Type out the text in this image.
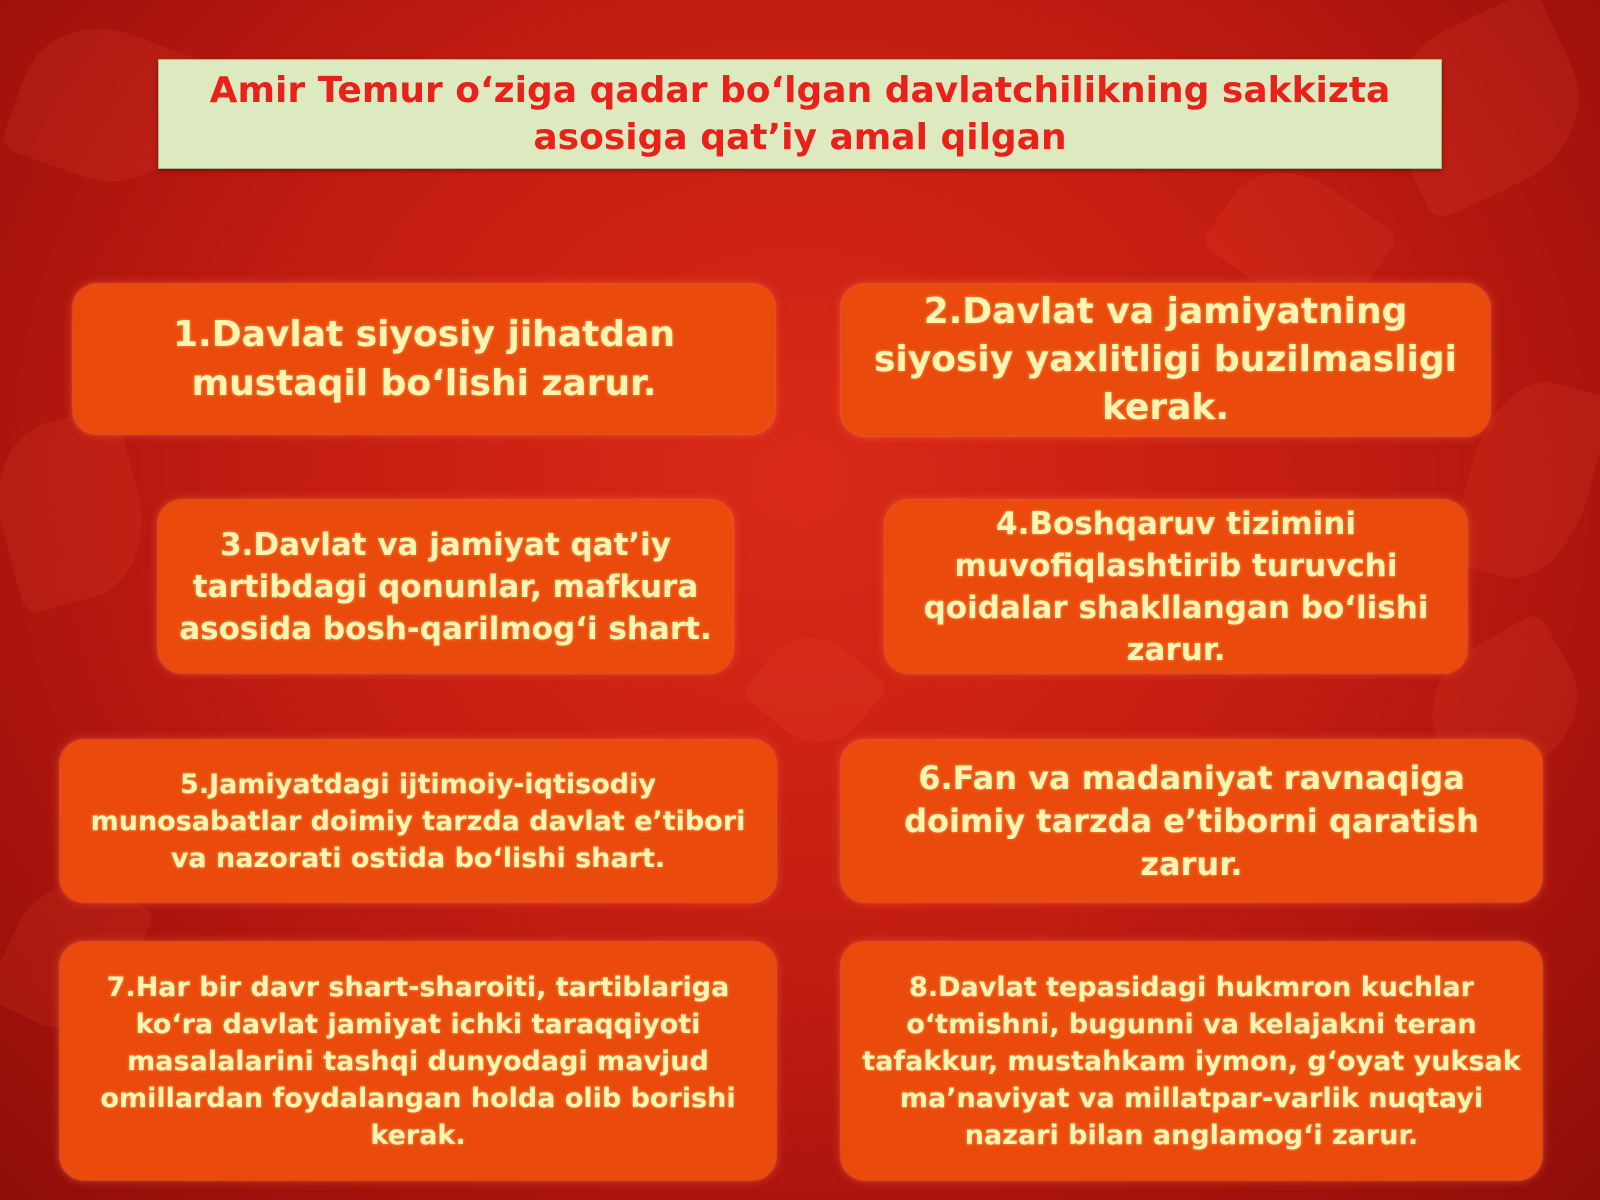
Amir Temur o‘ziga qadar bo‘lgan davlatchilikning sakkizta asosiga qat’iy amal qilgan
1.Davlat siyosiy jihatdan mustaqil bo‘lishi zarur.
2.Davlat va jamiyatning siyosiy yaxlitligi buzilmasligi kerak.
3.Davlat va jamiyat qat’iy tartibdagi qonunlar, mafkura asosida bosh-qarilmog‘i shart.
4.Boshqaruv tizimini muvofiqlashtirib turuvchi qoidalar shakllangan bo‘lishi zarur.
5.Jamiyatdagi ijtimoiy-iqtisodiy munosabatlar doimiy tarzda davlat e’tibori va nazorati ostida bo‘lishi shart.
6.Fan va madaniyat ravnaqiga doimiy tarzda e’tiborni qaratish zarur.
7.Har bir davr shart-sharoiti, tartiblariga ko‘ra davlat jamiyat ichki taraqqiyoti masalalarini tashqi dunyodagi mavjud omillardan foydalangan holda olib borishi kerak.
8.Davlat tepasidagi hukmron kuchlar o‘tmishni, bugunni va kelajakni teran tafakkur, mustahkam iymon, g‘oyat yuksak ma’naviyat va millatpar-varlik nuqtayi nazari bilan anglamog‘i zarur.
